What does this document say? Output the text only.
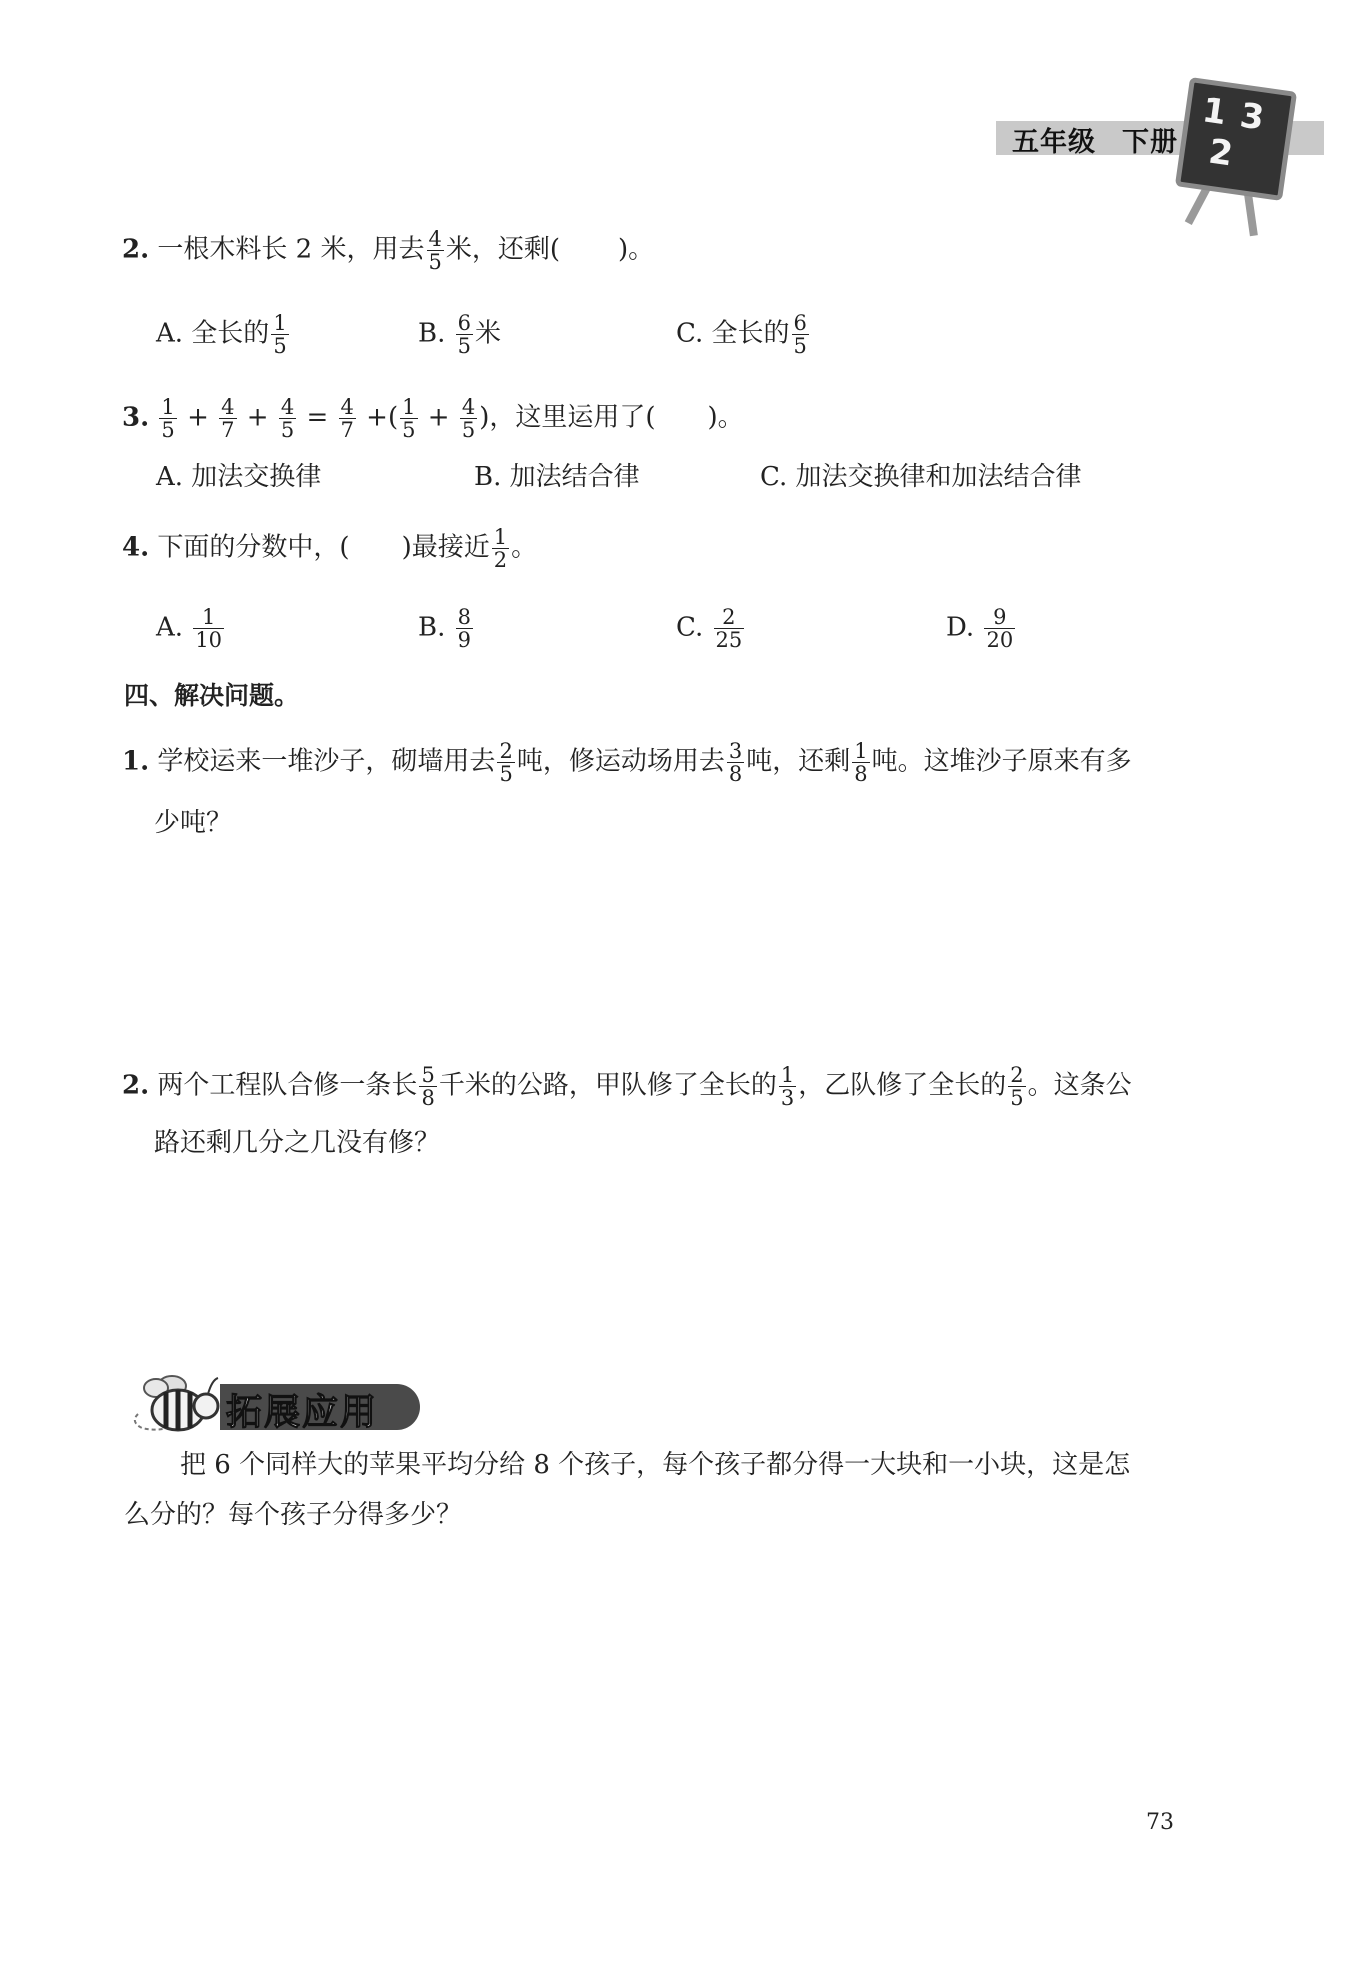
五年级 下册
1 3
2
2. 一根木料长 2 米，用去 $\frac{4}{5}$ 米，还剩( )。
A. 全长的 $\frac{1}{5}$	B. $\frac{6}{5}$ 米	C. 全长的 $\frac{6}{5}$
3. $\frac{1}{5} + \frac{4}{7} + \frac{4}{5} = \frac{4}{7}$ +( $\frac{1}{5} + \frac{4}{5}$ )，这里运用了( )。
A. 加法交换律	B. 加法结合律	C. 加法交换律和加法结合律
4. 下面的分数中，( )最接近 $\frac{1}{2}$ 。
A. $\frac{1}{10}$	B. $\frac{8}{9}$	C. $\frac{2}{25}$	D. $\frac{9}{20}$
四、解决问题。
1. 学校运来一堆沙子，砌墙用去 $\frac{2}{5}$ 吨，修运动场用去 $\frac{3}{8}$ 吨，还剩 $\frac{1}{8}$ 吨。这堆沙子原来有多
少吨？
2. 两个工程队合修一条长 $\frac{5}{8}$ 千米的公路，甲队修了全长的 $\frac{1}{3}$ ，乙队修了全长的 $\frac{2}{5}$ 。这条公
路还剩几分之几没有修？
拓展应用
把 6 个同样大的苹果平均分给 8 个孩子，每个孩子都分得一大块和一小块，这是怎
么分的？每个孩子分得多少？
73
